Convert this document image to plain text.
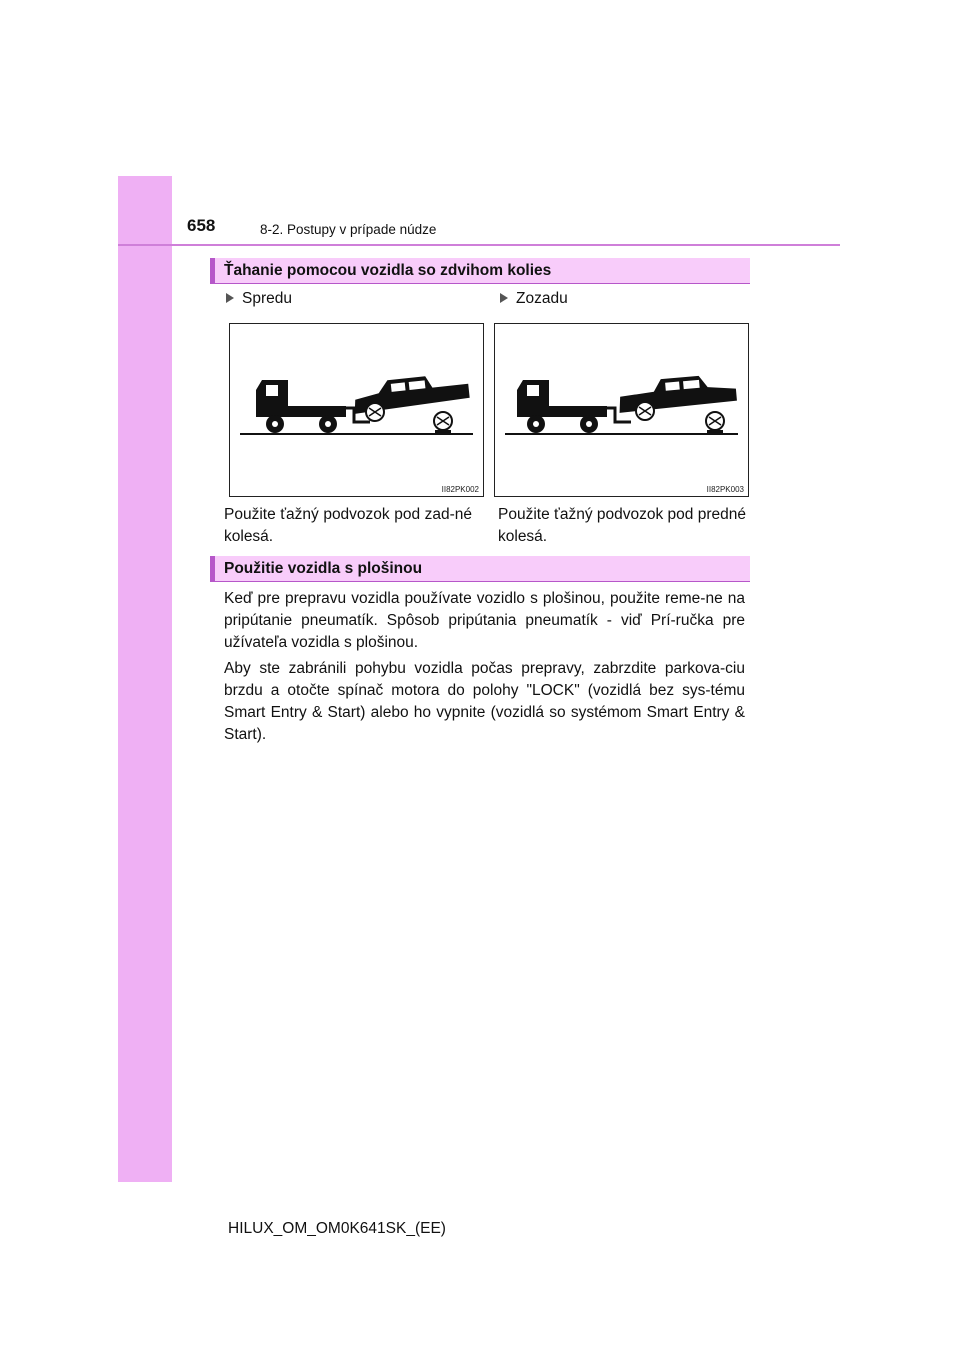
658	8-2. Postupy v prípade núdze
Ťahanie pomocou vozidla so zdvihom kolies
Spredu	Zozadu
II82PK002	II82PK003
Použite ťažný podvozok pod zad-né kolesá.
Použite ťažný podvozok pod predné kolesá.
Použitie vozidla s plošinou
Keď pre prepravu vozidla používate vozidlo s plošinou, použite reme-ne na pripútanie pneumatík. Spôsob pripútania pneumatík - viď Prí-ručka pre užívateľa vozidla s plošinou.
Aby ste zabránili pohybu vozidla počas prepravy, zabrzdite parkova-ciu brzdu a otočte spínač motora do polohy "LOCK" (vozidlá bez sys-tému Smart Entry & Start) alebo ho vypnite (vozidlá so systémom Smart Entry & Start).
HILUX_OM_OM0K641SK_(EE)
